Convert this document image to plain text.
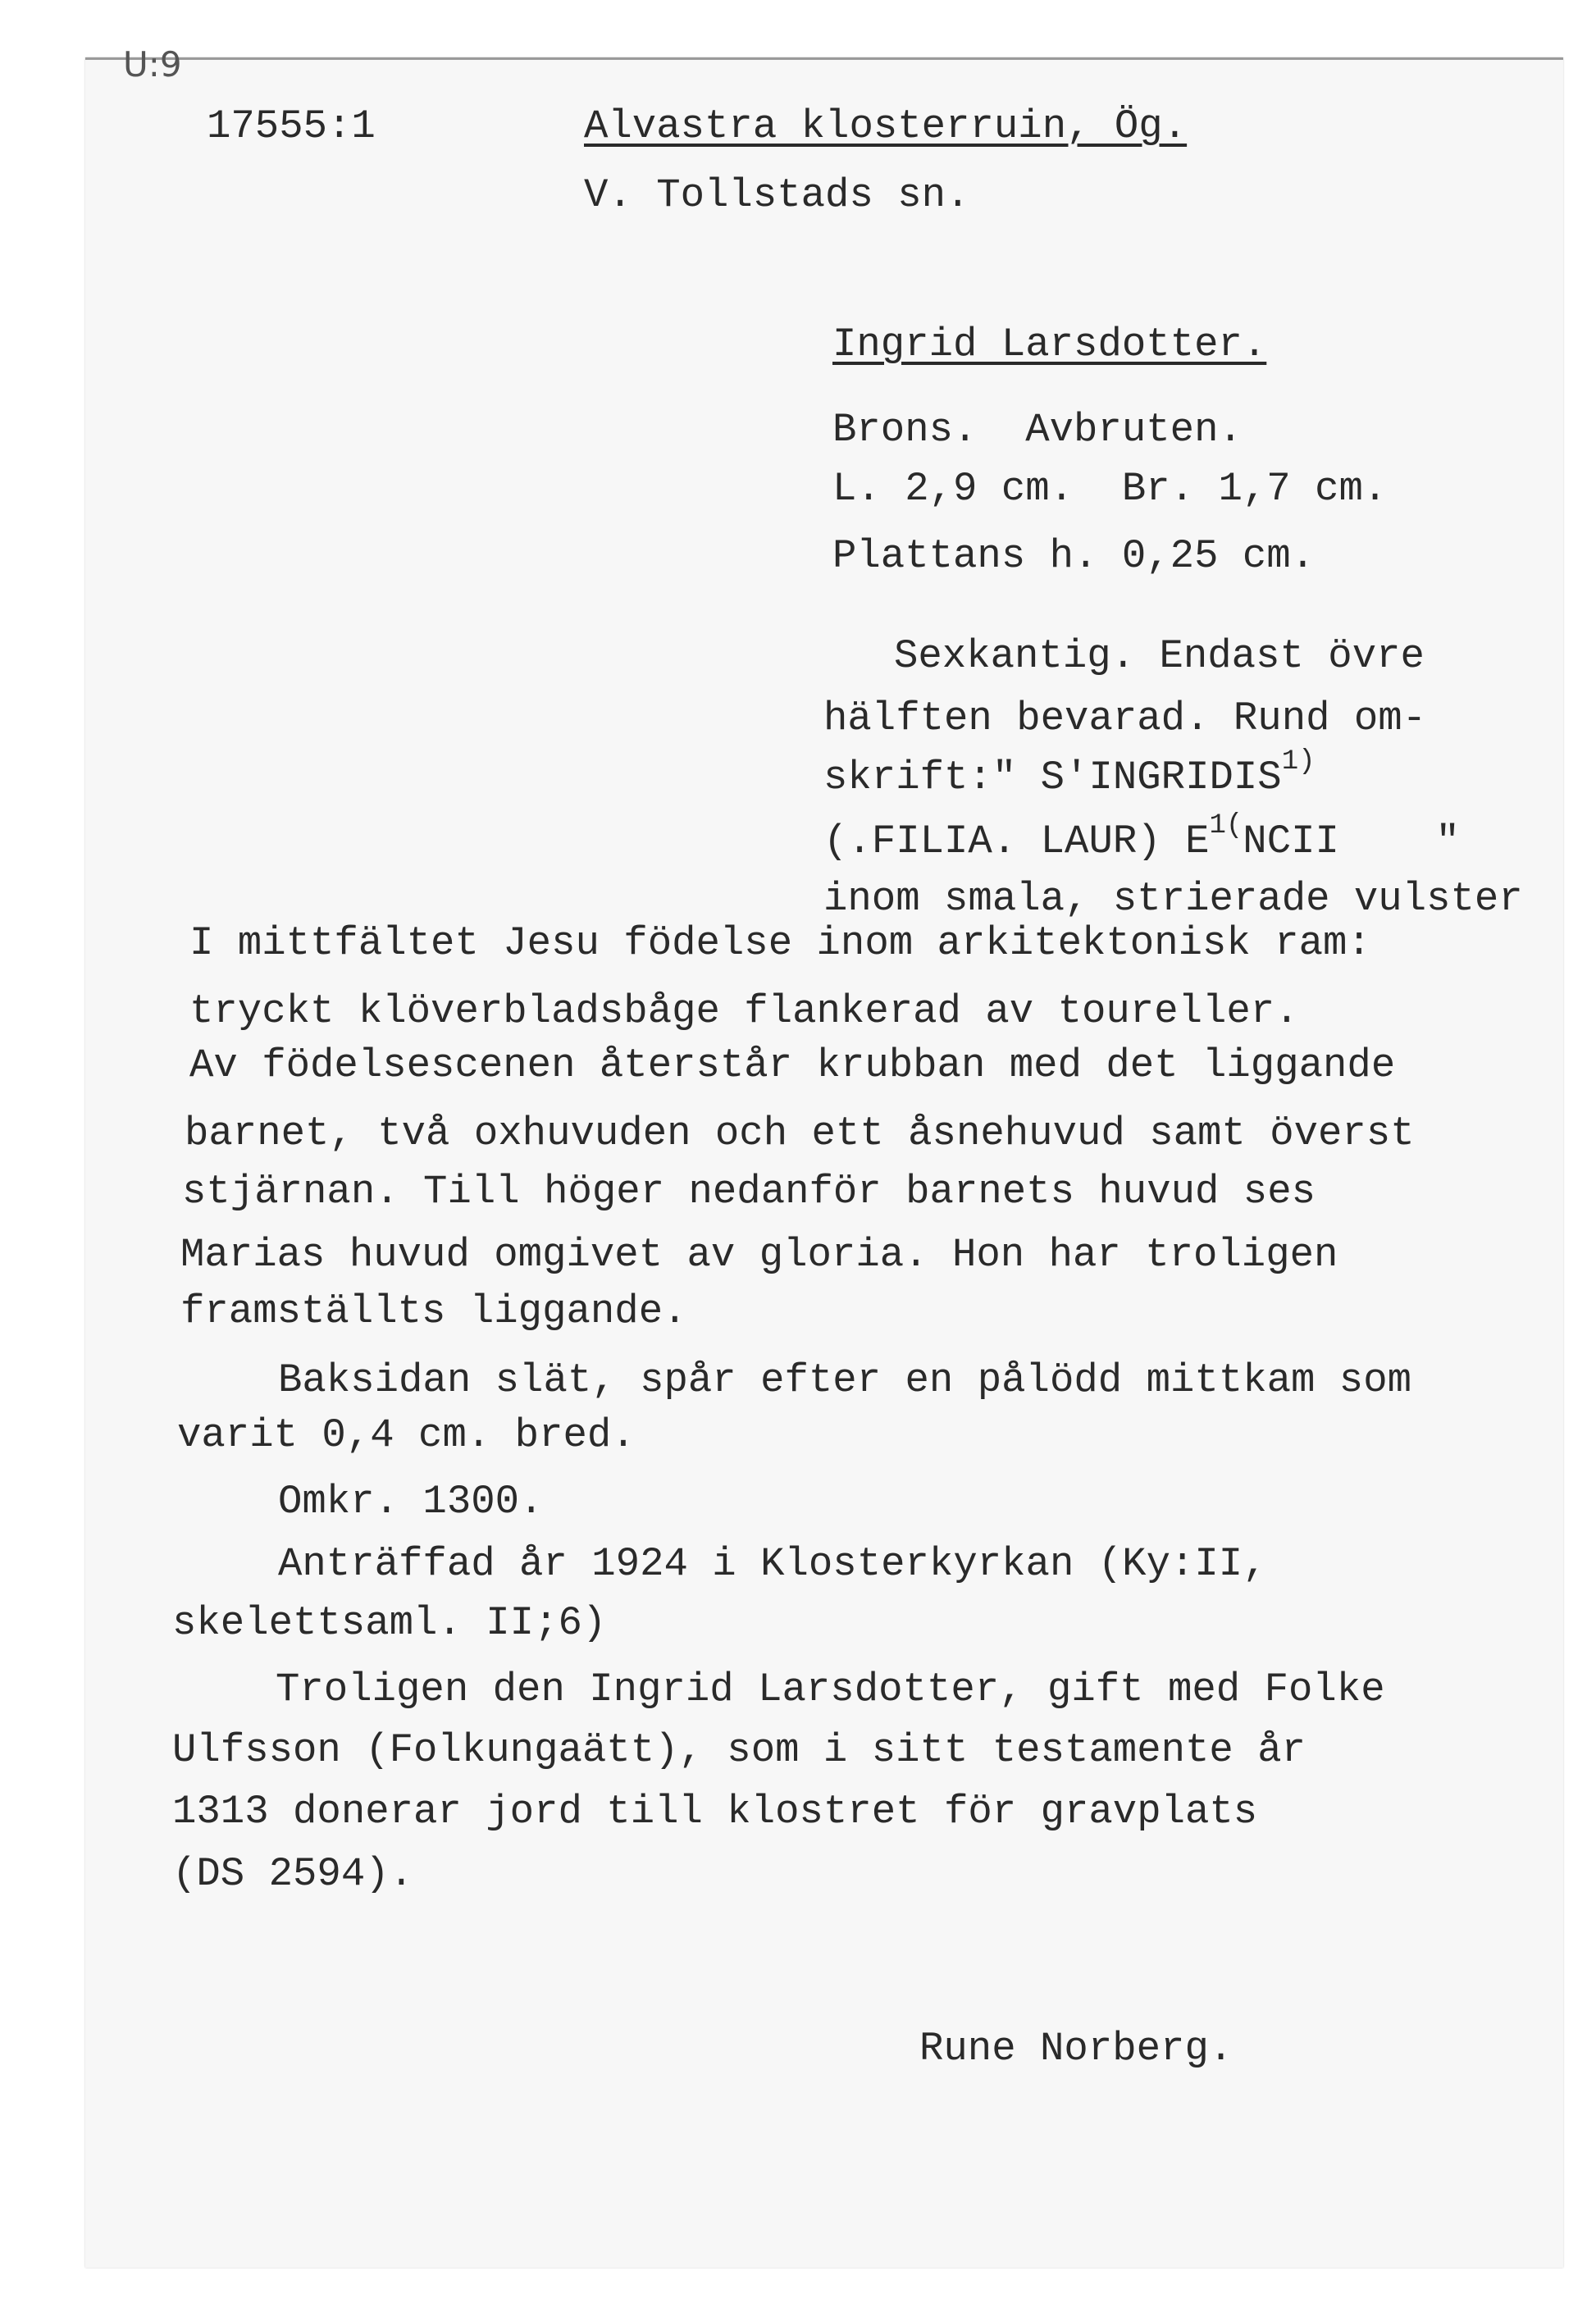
U:9
17555:1	Alvastra klosterruin, Ög.
V. Tollstads sn.
Ingrid Larsdotter.
Brons.  Avbruten.
L. 2,9 cm.  Br. 1,7 cm.
Plattans h. 0,25 cm.
Sexkantig. Endast övre
hälften bevarad. Rund om-
skrift:" S'INGRIDIS$^{1)}$
(.FILIA. LAUR) $E^{1(}NCII$    "
inom smala, strierade vulster
I mittfältet Jesu födelse inom arkitektonisk ram:
tryckt klöverbladsbåge flankerad av toureller.
Av födelsescenen återstår krubban med det liggande
barnet, två oxhuvuden och ett åsnehuvud samt överst
stjärnan. Till höger nedanför barnets huvud ses
Marias huvud omgivet av gloria. Hon har troligen
framställts liggande.
Baksidan slät, spår efter en pålödd mittkam som
varit 0,4 cm. bred.
Omkr. 1300.
Anträffad år 1924 i Klosterkyrkan (Ky:II,
skelettsaml. II;6)
Troligen den Ingrid Larsdotter, gift med Folke
Ulfsson (Folkungaätt), som i sitt testamente år
1313 donerar jord till klostret för gravplats
(DS 2594).
Rune Norberg.
